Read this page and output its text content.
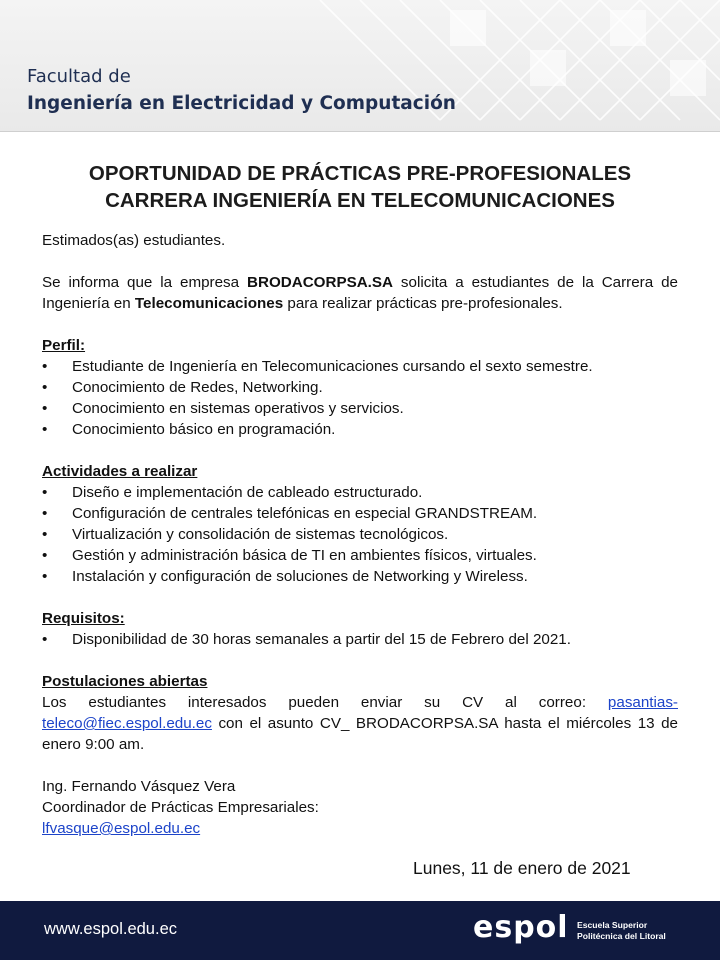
Facultad de
Ingeniería en Electricidad y Computación
OPORTUNIDAD DE PRÁCTICAS PRE-PROFESIONALES
CARRERA INGENIERÍA EN TELECOMUNICACIONES

Estimados(as) estudiantes.

Se informa que la empresa BRODACORPSA.SA solicita a estudiantes de la Carrera de Ingeniería en Telecomunicaciones para realizar prácticas pre-profesionales.

Perfil:

• Estudiante de Ingeniería en Telecomunicaciones cursando el sexto semestre.
• Conocimiento de Redes, Networking.
• Conocimiento en sistemas operativos y servicios.
• Conocimiento básico en programación.

Actividades a realizar

• Diseño e implementación de cableado estructurado.
• Configuración de centrales telefónicas en especial GRANDSTREAM.
• Virtualización y consolidación de sistemas tecnológicos.
• Gestión y administración básica de TI en ambientes físicos, virtuales.
• Instalación y configuración de soluciones de Networking y Wireless.

Requisitos:

• Disponibilidad de 30 horas semanales a partir del 15 de Febrero del 2021.

Postulaciones abiertas

Los estudiantes interesados pueden enviar su CV al correo: pasantias-teleco@fiec.espol.edu.ec con el asunto CV_ BRODACORPSA.SA hasta el miércoles 13 de enero 9:00 am.

Ing. Fernando Vásquez Vera

Coordinador de Prácticas Empresariales:

lfvasque@espol.edu.ec

Lunes, 11 de enero de 2021
www.espol.edu.ec	espol Escuela Superior
Politécnica del Litoral
